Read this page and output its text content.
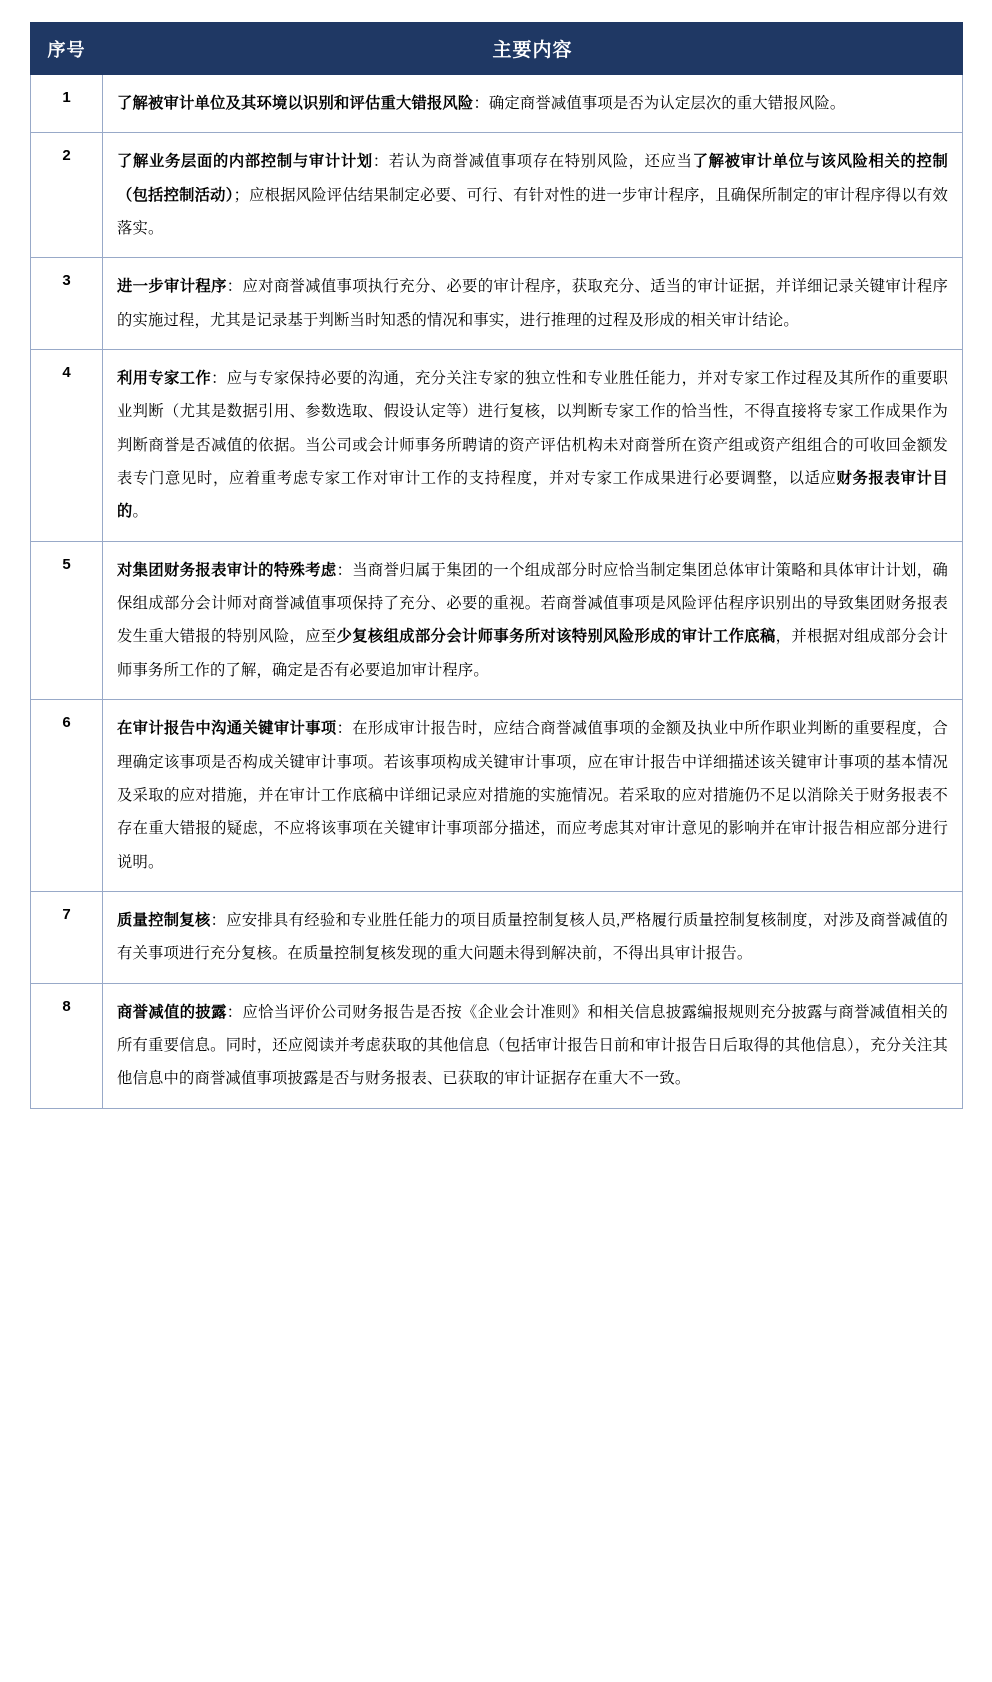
序号	主要内容
1	了解被审计单位及其环境以识别和评估重大错报风险：确定商誉减值事项是否为认定层次的重大错报风险。
2	了解业务层面的内部控制与审计计划：若认为商誉减值事项存在特别风险，还应当了解被审计单位与该风险相关的控制（包括控制活动）；应根据风险评估结果制定必要、可行、有针对性的进一步审计程序，且确保所制定的审计程序得以有效落实。
3	进一步审计程序：应对商誉减值事项执行充分、必要的审计程序，获取充分、适当的审计证据，并详细记录关键审计程序的实施过程，尤其是记录基于判断当时知悉的情况和事实，进行推理的过程及形成的相关审计结论。
4	利用专家工作：应与专家保持必要的沟通，充分关注专家的独立性和专业胜任能力，并对专家工作过程及其所作的重要职业判断（尤其是数据引用、参数选取、假设认定等）进行复核，以判断专家工作的恰当性，不得直接将专家工作成果作为判断商誉是否减值的依据。当公司或会计师事务所聘请的资产评估机构未对商誉所在资产组或资产组组合的可收回金额发表专门意见时，应着重考虑专家工作对审计工作的支持程度，并对专家工作成果进行必要调整，以适应财务报表审计目的。
5	对集团财务报表审计的特殊考虑：当商誉归属于集团的一个组成部分时应恰当制定集团总体审计策略和具体审计计划，确保组成部分会计师对商誉减值事项保持了充分、必要的重视。若商誉减值事项是风险评估程序识别出的导致集团财务报表发生重大错报的特别风险，应至少复核组成部分会计师事务所对该特别风险形成的审计工作底稿，并根据对组成部分会计师事务所工作的了解，确定是否有必要追加审计程序。
6	在审计报告中沟通关键审计事项：在形成审计报告时，应结合商誉减值事项的金额及执业中所作职业判断的重要程度，合理确定该事项是否构成关键审计事项。若该事项构成关键审计事项，应在审计报告中详细描述该关键审计事项的基本情况及采取的应对措施，并在审计工作底稿中详细记录应对措施的实施情况。若采取的应对措施仍不足以消除关于财务报表不存在重大错报的疑虑，不应将该事项在关键审计事项部分描述，而应考虑其对审计意见的影响并在审计报告相应部分进行说明。
7	质量控制复核：应安排具有经验和专业胜任能力的项目质量控制复核人员,严格履行质量控制复核制度，对涉及商誉减值的有关事项进行充分复核。在质量控制复核发现的重大问题未得到解决前，不得出具审计报告。
8	商誉减值的披露：应恰当评价公司财务报告是否按《企业会计准则》和相关信息披露编报规则充分披露与商誉减值相关的所有重要信息。同时，还应阅读并考虑获取的其他信息（包括审计报告日前和审计报告日后取得的其他信息），充分关注其他信息中的商誉减值事项披露是否与财务报表、已获取的审计证据存在重大不一致。
